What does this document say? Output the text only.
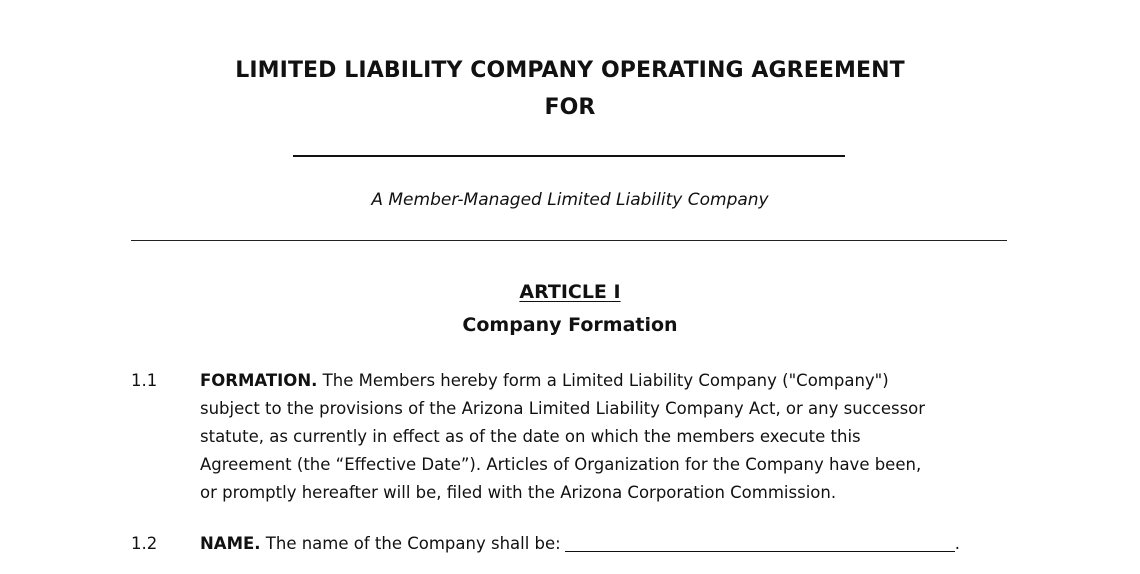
LIMITED LIABILITY COMPANY OPERATING AGREEMENT
FOR
A Member-Managed Limited Liability Company
ARTICLE I
Company Formation
1.1	FORMATION. The Members hereby form a Limited Liability Company ("Company")
subject to the provisions of the Arizona Limited Liability Company Act, or any successor
statute, as currently in effect as of the date on which the members execute this
Agreement (the “Effective Date”). Articles of Organization for the Company have been,
or promptly hereafter will be, filed with the Arizona Corporation Commission.
1.2	NAME. The name of the Company shall be:	.
